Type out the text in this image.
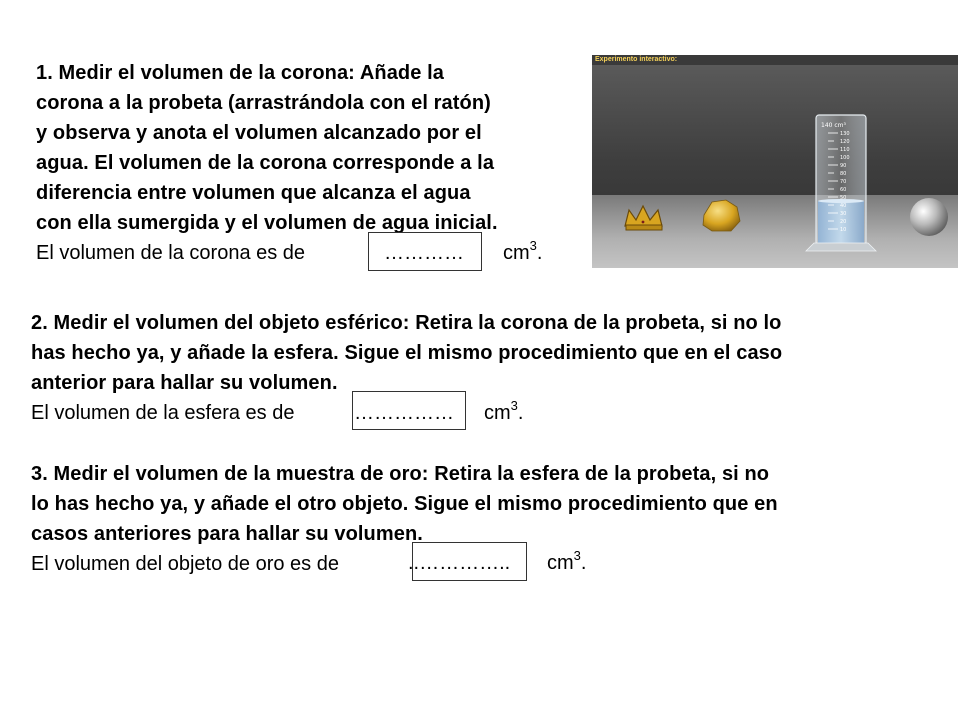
1. Medir el volumen de la corona: Añade la
corona a la probeta (arrastrándola con el ratón)
y observa y anota el volumen alcanzado por el
agua. El volumen de la corona corresponde a la
diferencia entre volumen que alcanza el agua
con ella sumergida y el volumen de agua inicial.
El volumen de la corona es de	………… $cm^3$.
2. Medir el volumen del objeto esférico: Retira la corona de la probeta, si no lo
has hecho ya, y añade la esfera. Sigue el mismo procedimiento que en el caso
anterior para hallar su volumen.
El volumen de la esfera es de	…………… $cm^3$.
3. Medir el volumen de la muestra de oro: Retira la esfera de la probeta, si no
lo has hecho ya, y añade el otro objeto. Sigue el mismo procedimiento que en
casos anteriores para hallar su volumen.
El volumen del objeto de oro es de	..………….. $cm^3$.
Experimento interactivo:
130
120
110
100
90
80
70
60
50
40
30
20
10
140 cm³
